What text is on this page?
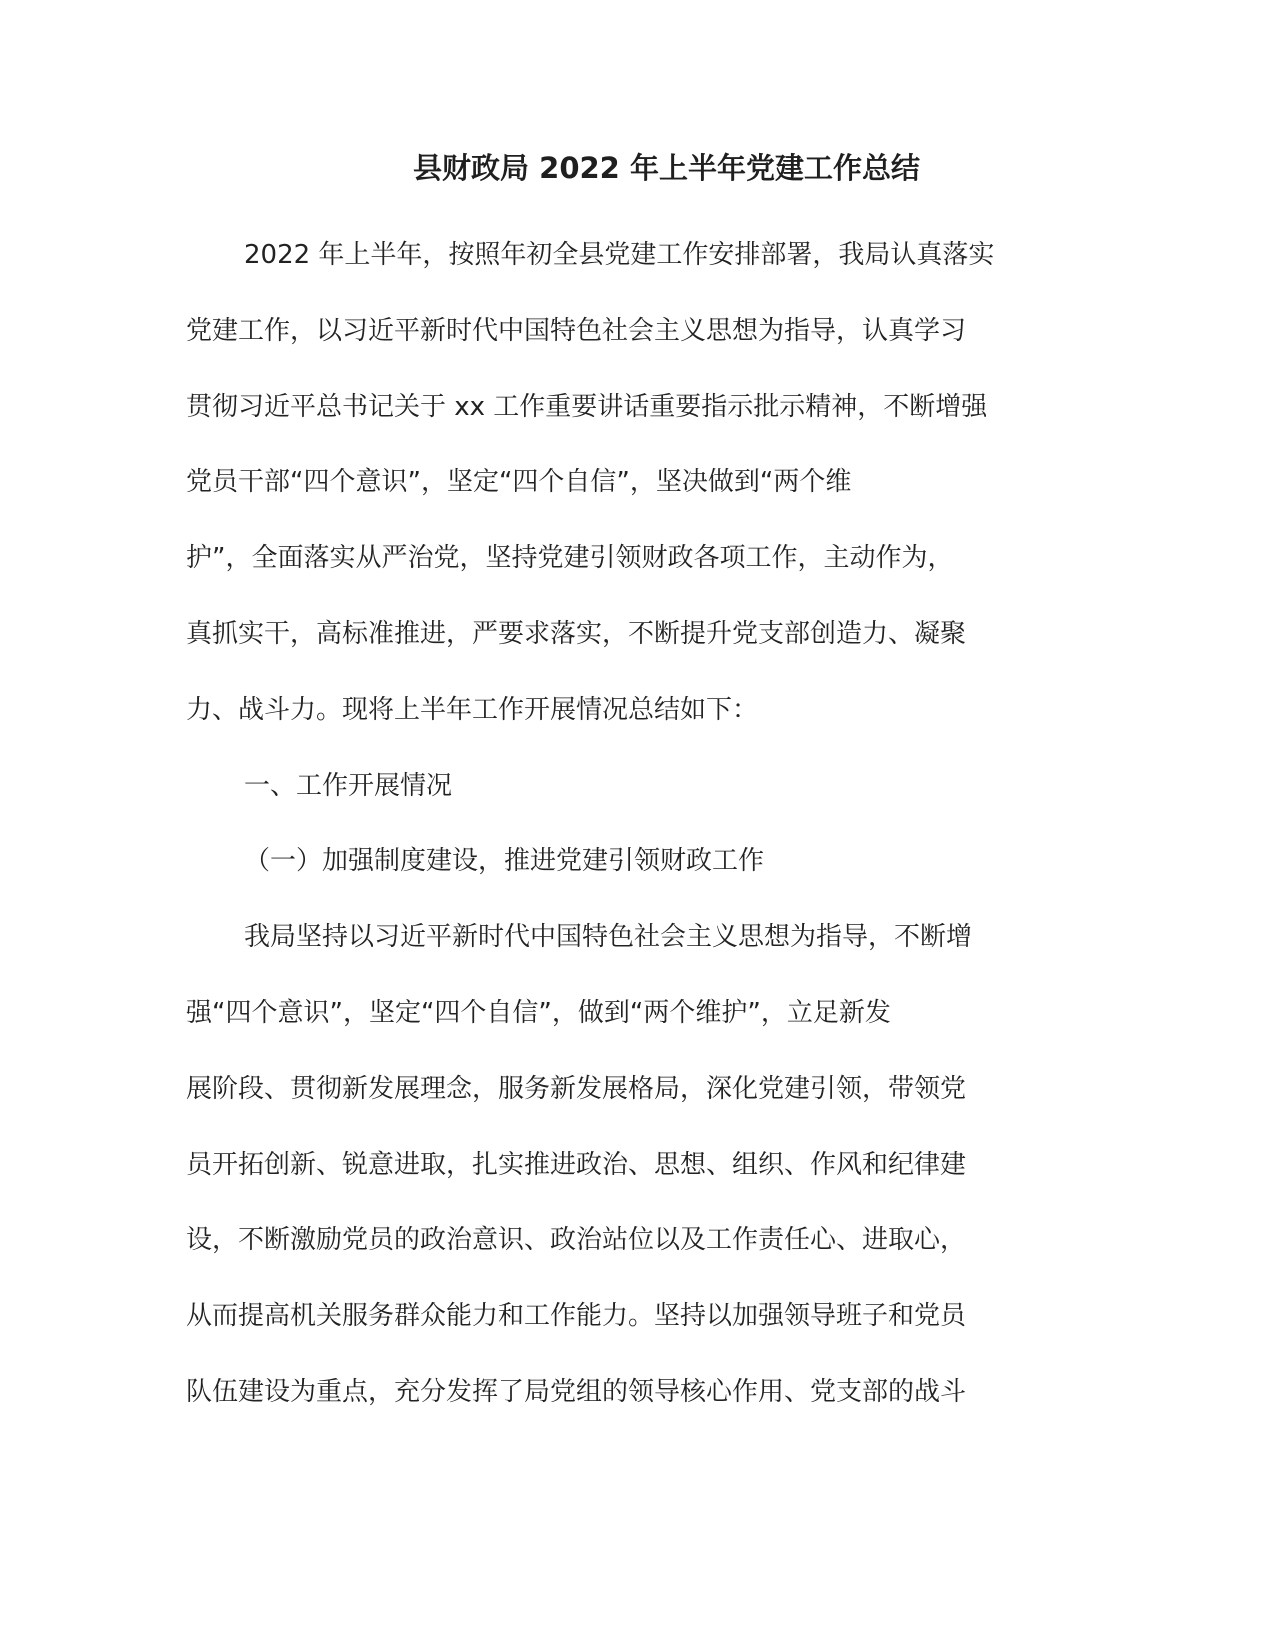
县财政局 2022 年上半年党建工作总结

2022 年上半年，按照年初全县党建工作安排部署，我局认真落实

党建工作，以习近平新时代中国特色社会主义思想为指导，认真学习

贯彻习近平总书记关于 xx 工作重要讲话重要指示批示精神，不断增强

党员干部“四个意识”，坚定“四个自信”，坚决做到“两个维

护”，全面落实从严治党，坚持党建引领财政各项工作，主动作为，

真抓实干，高标准推进，严要求落实，不断提升党支部创造力、凝聚

力、战斗力。现将上半年工作开展情况总结如下：

一、工作开展情况

（一）加强制度建设，推进党建引领财政工作

我局坚持以习近平新时代中国特色社会主义思想为指导，不断增

强“四个意识”，坚定“四个自信”，做到“两个维护”，立足新发

展阶段、贯彻新发展理念，服务新发展格局，深化党建引领，带领党

员开拓创新、锐意进取，扎实推进政治、思想、组织、作风和纪律建

设，不断激励党员的政治意识、政治站位以及工作责任心、进取心，

从而提高机关服务群众能力和工作能力。坚持以加强领导班子和党员

队伍建设为重点，充分发挥了局党组的领导核心作用、党支部的战斗
